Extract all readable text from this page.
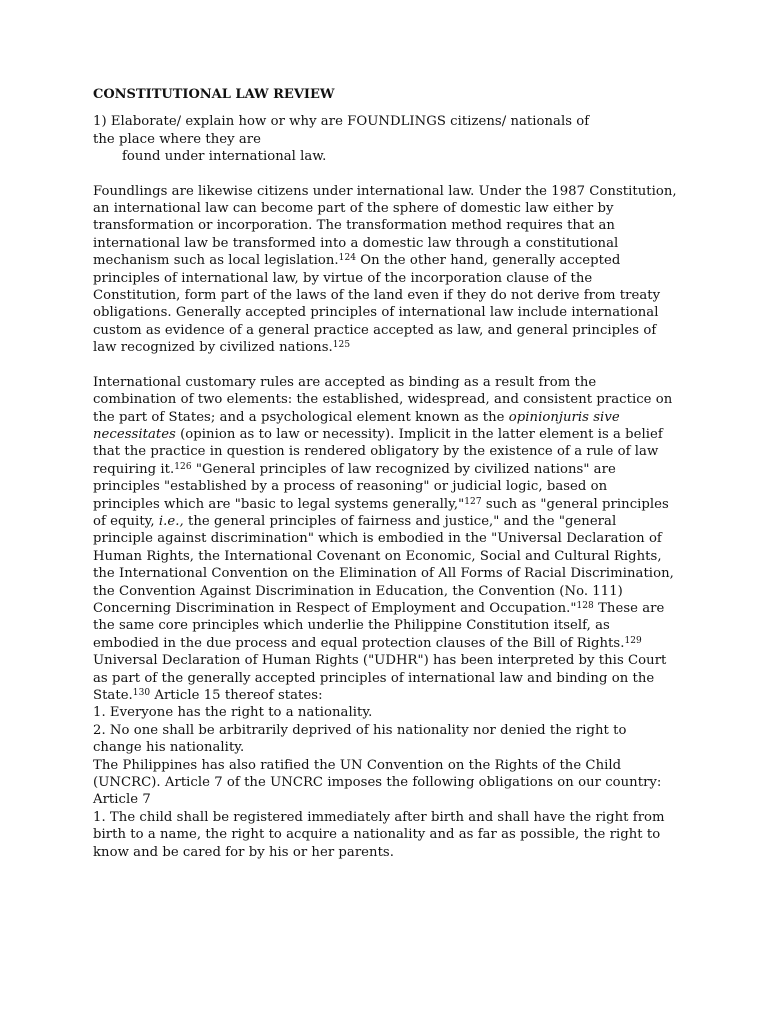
CONSTITUTIONAL LAW REVIEW

1) Elaborate/ explain how or why are FOUNDLINGS citizens/ nationals of

the place where they are

found under international law.

Foundlings are likewise citizens under international law. Under the 1987 Constitution, an international law can become part of the sphere of domestic law either by transformation or incorporation. The transformation method requires that an international law be transformed into a domestic law through a constitutional mechanism such as local legislation.$^{124}$ On the other hand, generally accepted principles of international law, by virtue of the incorporation clause of the Constitution, form part of the laws of the land even if they do not derive from treaty obligations. Generally accepted principles of international law include international custom as evidence of a general practice accepted as law, and general principles of law recognized by civilized nations.$^{125}$

International customary rules are accepted as binding as a result from the combination of two elements: the established, widespread, and consistent practice on the part of States; and a psychological element known as the opinionjuris sive necessitates (opinion as to law or necessity). Implicit in the latter element is a belief that the practice in question is rendered obligatory by the existence of a rule of law requiring it.$^{126}$ "General principles of law recognized by civilized nations" are principles "established by a process of reasoning" or judicial logic, based on principles which are "basic to legal systems generally,"$^{127}$ such as "general principles of equity, i.e., the general principles of fairness and justice," and the "general principle against discrimination" which is embodied in the "Universal Declaration of Human Rights, the International Covenant on Economic, Social and Cultural Rights, the International Convention on the Elimination of All Forms of Racial Discrimination, the Convention Against Discrimination in Education, the Convention (No. 111) Concerning Discrimination in Respect of Employment and Occupation."$^{128}$ These are the same core principles which underlie the Philippine Constitution itself, as embodied in the due process and equal protection clauses of the Bill of Rights.$^{129}$

Universal Declaration of Human Rights ("UDHR") has been interpreted by this Court as part of the generally accepted principles of international law and binding on the State.$^{130}$ Article 15 thereof states:

1. Everyone has the right to a nationality.

2. No one shall be arbitrarily deprived of his nationality nor denied the right to change his nationality.

The Philippines has also ratified the UN Convention on the Rights of the Child (UNCRC). Article 7 of the UNCRC imposes the following obligations on our country:

Article 7

1. The child shall be registered immediately after birth and shall have the right from birth to a name, the right to acquire a nationality and as far as possible, the right to know and be cared for by his or her parents.
